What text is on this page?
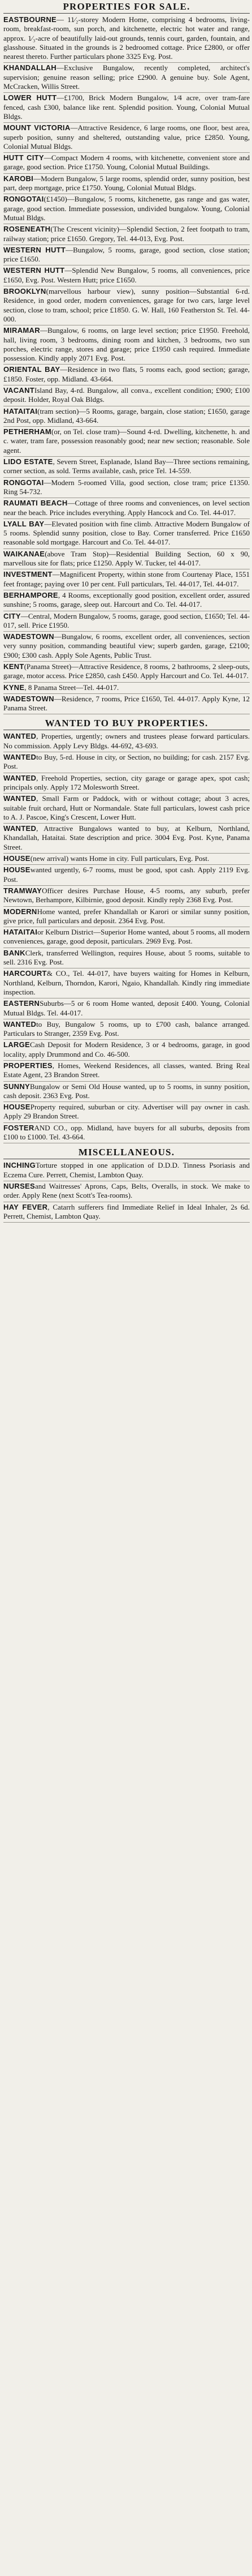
PROPERTIES FOR SALE.

EASTBOURNE— 11⁄₂-storey Modern Home, comprising 4 bedrooms, living-room, breakfast-room, sun porch, and kitchenette, electric hot water and range, approx. 1⁄₃-acre of beautifully laid-out grounds, tennis court, garden, fountain, and glasshouse. Situated in the grounds is 2 bedroomed cottage. Price £2800, or offer nearest thereto. Further particulars phone 3325 Evg. Post.

KHANDALLAH—Exclusive Bungalow, recently completed, architect's supervision; genuine reason selling; price £2900. A genuine buy. Sole Agent, McCracken, Willis Street.

LOWER HUTT—£1700, Brick Modern Bungalow, 1⁄4 acre, over tram-fare fenced, cash £300, balance like rent. Splendid position. Young, Colonial Mutual Bldgs.

MOUNT VICTORIA—Attractive Residence, 6 large rooms, one floor, best area, superb position, sunny and sheltered, outstanding value, price £2850. Young, Colonial Mutual Bldgs.

HUTT CITY—Compact Modern 4 rooms, with kitchenette, convenient store and garage, good section. Price £1750. Young, Colonial Mutual Buildings.

KAROBI—Modern Bungalow, 5 large rooms, splendid order, sunny position, best part, deep mortgage, price £1750. Young, Colonial Mutual Bldgs.

RONGOTAI(£1450)—Bungalow, 5 rooms, kitchenette, gas range and gas water, garage, good section. Immediate possession, undivided bungalow. Young, Colonial Mutual Bldgs.

ROSENEATH(The Crescent vicinity)—Splendid Section, 2 feet footpath to tram, railway station; price £1650. Gregory, Tel. 44-013, Evg. Post.

WESTERN HUTT—Bungalow, 5 rooms, garage, good section, close station; price £1650.

WESTERN HUTT—Splendid New Bungalow, 5 rooms, all conveniences, price £1650, Evg. Post. Western Hutt; price £1650.

BROOKLYN(marvellous harbour view), sunny position—Substantial 6-rd. Residence, in good order, modern conveniences, garage for two cars, large level section, close to tram, school; price £1850. G. W. Hall, 160 Featherston St. Tel. 44-000.

MIRAMAR—Bungalow, 6 rooms, on large level section; price £1950. Freehold, hall, living room, 3 bedrooms, dining room and kitchen, 3 bedrooms, two sun porches, electric range, stores and garage; price £1950 cash required. Immediate possession. Kindly apply 2071 Evg. Post.

ORIENTAL BAY—Residence in two flats, 5 rooms each, good section; garage, £1850. Foster, opp. Midland. 43-664.

VACANTIsland Bay, 4-rd. Bungalow, all conva., excellent condition; £900; £100 deposit. Holder, Royal Oak Bldgs.

HATAITAI(tram section)—5 Rooms, garage, bargain, close station; £1650, garage 2nd Post, opp. Midland, 43-664.

PETHERHAM(or, on Tel. close tram)—Sound 4-rd. Dwelling, kitchenette, h. and c. water, tram fare, possession reasonably good; near new section; reasonable. Sole agent.

LIDO ESTATE, Severn Street, Esplanade, Island Bay—Three sections remaining, corner section, as sold. Terms available, cash, price Tel. 14-559.

RONGOTAI—Modern 5-roomed Villa, good section, close tram; price £1350. Ring 54-732.

RAUMATI BEACH—Cottage of three rooms and conveniences, on level section near the beach. Price includes everything. Apply Hancock and Co. Tel. 44-017.

LYALL BAY—Elevated position with fine climb. Attractive Modern Bungalow of 5 rooms. Splendid sunny position, close to Bay. Corner transferred. Price £1650 reasonable sold mortgage. Harcourt and Co. Tel. 44-017.

WAIKANAE(above Tram Stop)—Residential Building Section, 60 x 90, marvellous site for flats; price £1250. Apply W. Tucker, tel 44-017.

INVESTMENT—Magnificent Property, within stone from Courtenay Place, 1551 feet frontage; paying over 10 per cent. Full particulars, Tel. 44-017, Tel. 44-017.

BERHAMPORE, 4 Rooms, exceptionally good position, excellent order, assured sunshine; 5 rooms, garage, sleep out. Harcourt and Co. Tel. 44-017.

CITY—Central, Modern Bungalow, 5 rooms, garage, good section, £1650; Tel. 44-017, sell. Price £1950.

WADESTOWN—Bungalow, 6 rooms, excellent order, all conveniences, section very sunny position, commanding beautiful view; superb garden, garage, £2100; £900; £300 cash. Apply Sole Agents, Public Trust.

KENT(Panama Street)—Attractive Residence, 8 rooms, 2 bathrooms, 2 sleep-outs, garage, motor access. Price £2850, cash £450. Apply Harcourt and Co. Tel. 44-017.

KYNE, 8 Panama Street—Tel. 44-017.

WADESTOWN—Residence, 7 rooms, Price £1650, Tel. 44-017. Apply Kyne, 12 Panama Street.

WANTED TO BUY PROPERTIES.

WANTED, Properties, urgently; owners and trustees please forward particulars. No commission. Apply Levy Bldgs. 44-692, 43-693.

WANTEDto Buy, 5-rd. House in city, or Section, no building; for cash. 2157 Evg. Post.

WANTED, Freehold Properties, section, city garage or garage apex, spot cash; principals only. Apply 172 Molesworth Street.

WANTED, Small Farm or Paddock, with or without cottage; about 3 acres, suitable fruit orchard, Hutt or Normandale. State full particulars, lowest cash price to A. J. Pascoe, King's Crescent, Lower Hutt.

WANTED, Attractive Bungalows wanted to buy, at Kelburn, Northland, Khandallah, Hataitai. State description and price. 3004 Evg. Post. Kyne, Panama Street.

HOUSE(new arrival) wants Home in city. Full particulars, Evg. Post.

HOUSEwanted urgently, 6-7 rooms, must be good, spot cash. Apply 2119 Evg. Post.

TRAMWAYOfficer desires Purchase House, 4-5 rooms, any suburb, prefer Newtown, Berhampore, Kilbirnie, good deposit. Kindly reply 2368 Evg. Post.

MODERNHome wanted, prefer Khandallah or Karori or similar sunny position, give price, full particulars and deposit. 2364 Evg. Post.

HATAITAIor Kelburn District—Superior Home wanted, about 5 rooms, all modern conveniences, garage, good deposit, particulars. 2969 Evg. Post.

BANKClerk, transferred Wellington, requires House, about 5 rooms, suitable to sell. 2316 Evg. Post.

HARCOURT& CO., Tel. 44-017, have buyers waiting for Homes in Kelburn, Northland, Kelburn, Thorndon, Karori, Ngaio, Khandallah. Kindly ring immediate inspection.

EASTERNSuburbs—5 or 6 room Home wanted, deposit £400. Young, Colonial Mutual Bldgs. Tel. 44-017.

WANTEDto Buy, Bungalow 5 rooms, up to £700 cash, balance arranged. Particulars to Stranger, 2359 Evg. Post.

LARGECash Deposit for Modern Residence, 3 or 4 bedrooms, garage, in good locality, apply Drummond and Co. 46-500.

PROPERTIES, Homes, Weekend Residences, all classes, wanted. Bring Real Estate Agent, 23 Brandon Street.

SUNNYBungalow or Semi Old House wanted, up to 5 rooms, in sunny position, cash deposit. 2363 Evg. Post.

HOUSEProperty required, suburban or city. Advertiser will pay owner in cash. Apply 29 Brandon Street.

FOSTERAND CO., opp. Midland, have buyers for all suburbs, deposits from £100 to £1000. Tel. 43-664.

MISCELLANEOUS.

INCHINGTorture stopped in one application of D.D.D. Tinness Psoriasis and Eczema Cure. Perrett, Chemist, Lambton Quay.

NURSESand Waitresses' Aprons, Caps, Belts, Overalls, in stock. We make to order. Apply Rene (next Scott's Tea-rooms).

HAY FEVER, Catarrh sufferers find Immediate Relief in Ideal Inhaler, 2s 6d. Perrett, Chemist, Lambton Quay.
